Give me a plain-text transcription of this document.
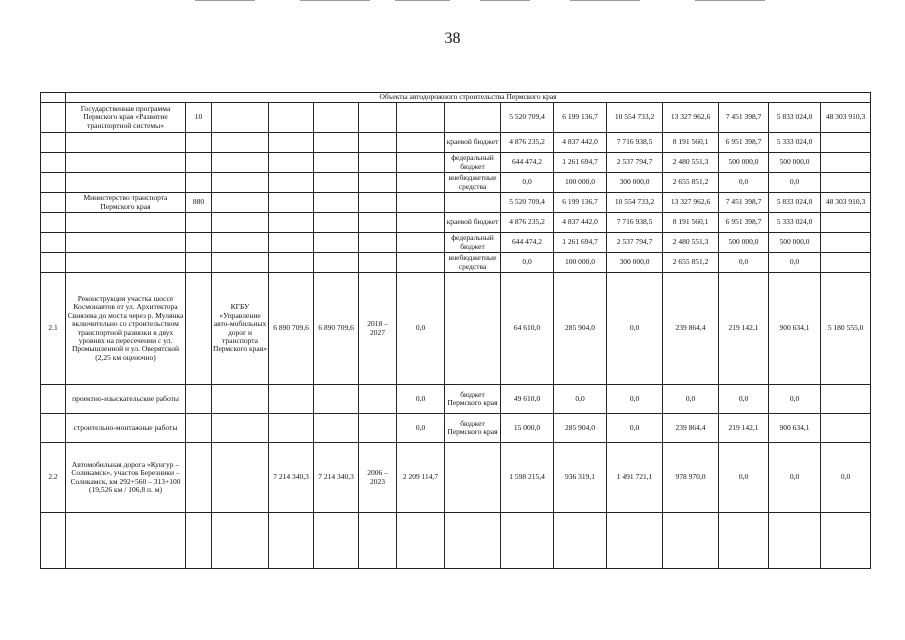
38
	Объекты автодорожного строительства Пермского края														
	Государственная программа Пермского края «Развитие транспортной системы»	10							5 520 709,4	6 199 136,7	10 554 733,2	13 327 962,6	7 451 398,7	5 833 024,0	48 303 910,3
								краевой бюджет	4 876 235,2	4 837 442,0	7 716 938,5	8 191 560,1	6 951 398,7	5 333 024,0	
								федеральный бюджет	644 474,2	1 261 694,7	2 537 794,7	2 480 551,3	500 000,0	500 000,0	
								внебюджетные средства	0,0	100 000,0	300 000,0	2 655 851,2	0,0	0,0	
	Министерство транспорта Пермского края	880							5 520 709,4	6 199 136,7	10 554 733,2	13 327 962,6	7 451 398,7	5 833 024,0	48 303 910,3
								краевой бюджет	4 876 235,2	4 837 442,0	7 716 938,5	8 191 560,1	6 951 398,7	5 333 024,0	
								федеральный бюджет	644 474,2	1 261 694,7	2 537 794,7	2 480 551,3	500 000,0	500 000,0	
								внебюджетные средства	0,0	100 000,0	300 000,0	2 655 851,2	0,0	0,0	
2.1	Реконструкция участка шоссе Космонавтов от ул. Архитектора Свиязева до моста через р. Мулянка включительно со строительством транспортной развязки в двух уровнях на пересечении с ул. Промышленной и ул. Оверятской (2,25 км оценочно)		КГБУ «Управление авто-мобильных дорог и транспорта Пермского края»	6 890 709,6	6 890 709,6	2018 – 2027	0,0		64 610,0	285 904,0	0,0	239 864,4	219 142,1	900 634,1	5 180 555,0
	проектно-изыскательские работы						0,0	бюджет Пермского края	49 610,0	0,0	0,0	0,0	0,0	0,0	
	строительно-монтажные работы						0,0	бюджет Пермского края	15 000,0	285 904,0	0,0	239 864,4	219 142,1	900 634,1	
2.2	Автомобильная дорога «Кунгур – Соликамск», участок Березники – Соликамск, км 292+560 – 313+100 (19,526 км / 106,8 п. м)			7 214 340,3	7 214 340,3	2006 – 2023	2 209 114,7		1 598 215,4	936 319,1	1 491 721,1	978 970,0	0,0	0,0	0,0
